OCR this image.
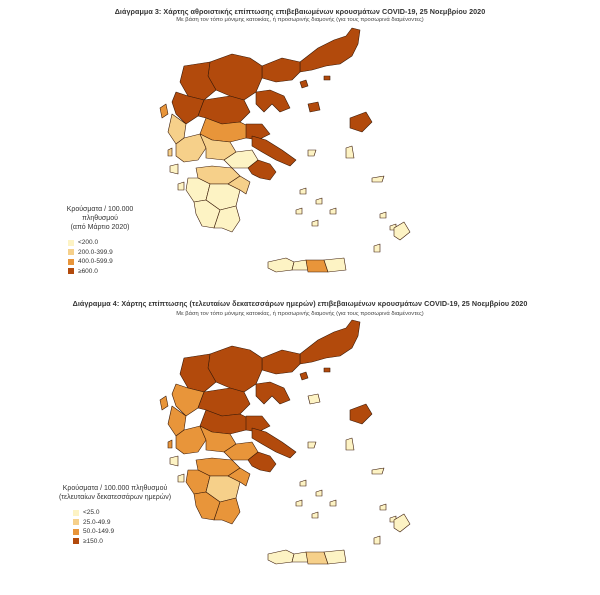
Διάγραμμα 3: Χάρτης αθροιστικής επίπτωσης επιβεβαιωμένων κρουσμάτων COVID-19, 25 Νοεμβρίου 2020
Με βάση τον τόπο μόνιμης κατοικίας, ή προσωρινής διαμονής (για τους προσωρινά διαμένοντες)
Κρούσματα / 100.000 πληθυσμού
(από Μάρτιο 2020)
<200.0
200.0-399.9
400.0-599.9
≥600.0
Διάγραμμα 4: Χάρτης επίπτωσης (τελευταίων δεκατεσσάρων ημερών) επιβεβαιωμένων κρουσμάτων COVID-19, 25 Νοεμβρίου 2020
Με βάση τον τόπο μόνιμης κατοικίας, ή προσωρινής διαμονής (για τους προσωρινά διαμένοντες)
Κρούσματα / 100.000 πληθυσμού
(τελευταίων δεκατεσσάρων ημερών)
<25.0
25.0-49.9
50.0-149.9
≥150.0
